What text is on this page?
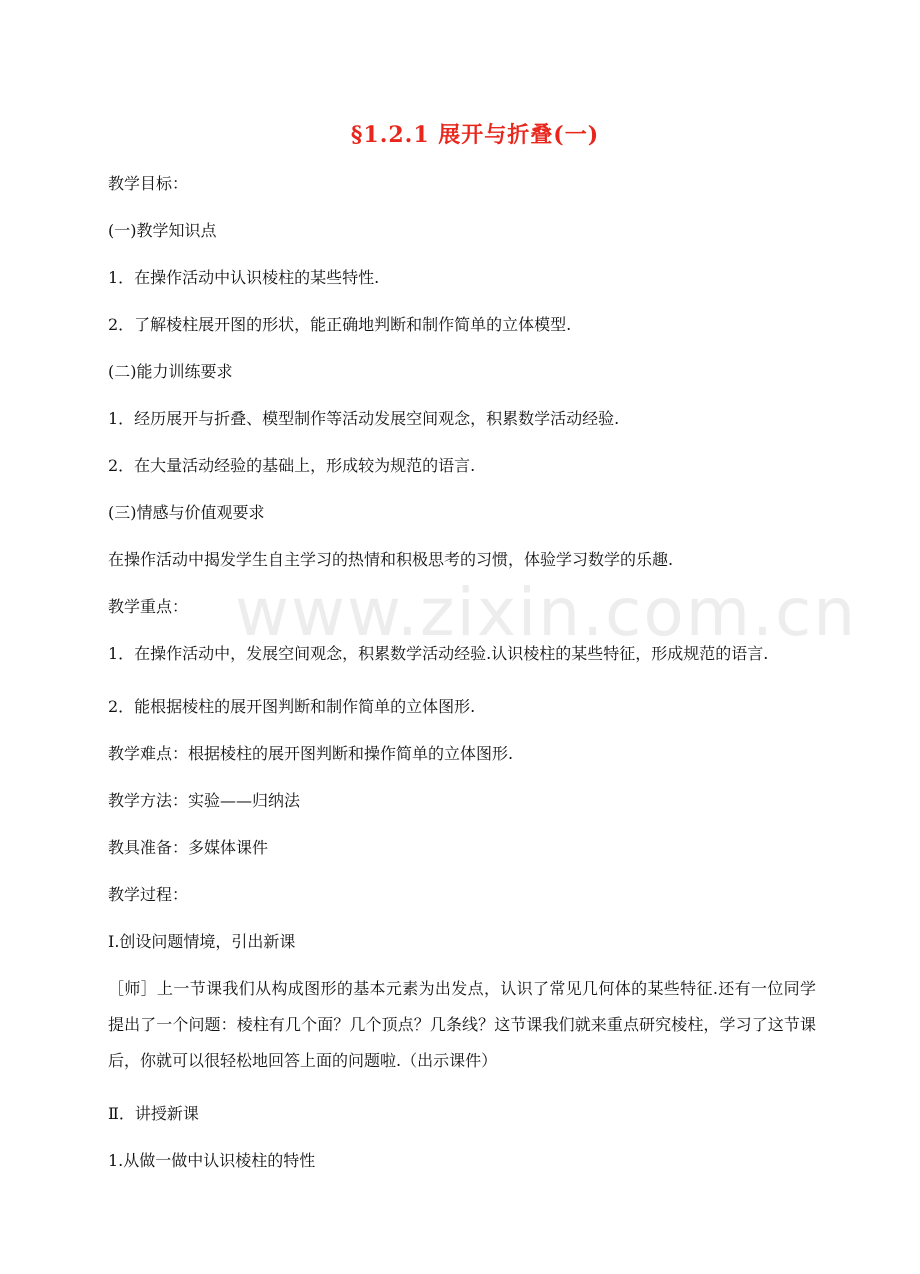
www.zixin.com.cn
§1.2.1 展开与折叠(一)

教学目标：

(一)教学知识点

1．在操作活动中认识棱柱的某些特性.

2．了解棱柱展开图的形状，能正确地判断和制作简单的立体模型.

(二)能力训练要求

1．经历展开与折叠、模型制作等活动发展空间观念，积累数学活动经验.

2．在大量活动经验的基础上，形成较为规范的语言.

(三)情感与价值观要求

在操作活动中揭发学生自主学习的热情和积极思考的习惯，体验学习数学的乐趣.

教学重点：

1．在操作活动中，发展空间观念，积累数学活动经验.认识棱柱的某些特征，形成规范的语言.

2．能根据棱柱的展开图判断和制作简单的立体图形.

教学难点：根据棱柱的展开图判断和操作简单的立体图形.

教学方法：实验——归纳法

教具准备：多媒体课件

教学过程：

Ⅰ.创设问题情境，引出新课

［师］上一节课我们从构成图形的基本元素为出发点，认识了常见几何体的某些特征.还有一位同学提出了一个问题：棱柱有几个面？几个顶点？几条线？这节课我们就来重点研究棱柱，学习了这节课后，你就可以很轻松地回答上面的问题啦.（出示课件）

Ⅱ．讲授新课

1.从做一做中认识棱柱的特性
